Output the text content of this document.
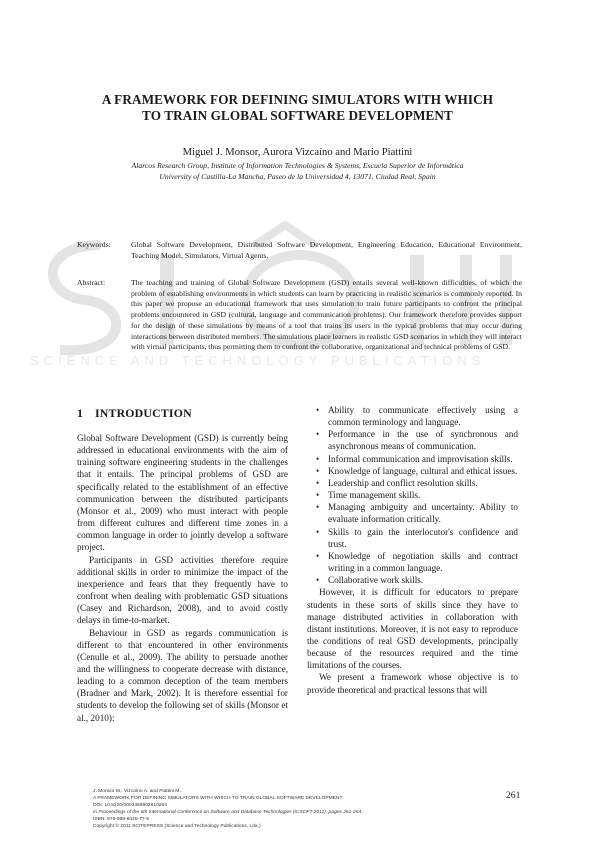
SCIENCE AND TECHNOLOGY PUBLICATIONS
A FRAMEWORK FOR DEFINING SIMULATORS WITH WHICH
TO TRAIN GLOBAL SOFTWARE DEVELOPMENT
Miguel J. Monsor, Aurora Vizcaíno and Mario Piattini
Alarcos Research Group, Institute of Information Technologies & Systems, Escuela Superior de Informática
University of Castilla-La Mancha, Paseo de la Universidad 4, 13071, Ciudad Real, Spain
Keywords:	Global Software Development, Distributed Software Development, Engineering Education, Educational Environment, Teaching Model, Simulators, Virtual Agents.
Abstract:	The teaching and training of Global Software Development (GSD) entails several well-known difficulties, of which the problem of establishing environments in which students can learn by practicing in realistic scenarios is commonly reported. In this paper we propose an educational framework that uses simulation to train future participants to confront the principal problems encountered in GSD (cultural, language and communication problems). Our framework therefore provides support for the design of these simulations by means of a tool that trains its users in the typical problems that may occur during interactions between distributed members. The simulations place learners in realistic GSD scenarios in which they will interact with virtual participants, thus permitting them to confront the collaborative, organizational and technical problems of GSD.
1 INTRODUCTION

Global Software Development (GSD) is currently being addressed in educational environments with the aim of training software engineering students in the challenges that it entails. The principal problems of GSD are specifically related to the establishment of an effective communication between the distributed participants (Monsor et al., 2009) who must interact with people from different cultures and different time zones in a common language in order to jointly develop a software project.

Participants in GSD activities therefore require additional skills in order to minimize the impact of the inexperience and fears that they frequently have to confront when dealing with problematic GSD situations (Casey and Richardson, 2008), and to avoid costly delays in time-to-market.

Behaviour in GSD as regards communication is different to that encountered in other environments (Cenulle et al., 2009). The ability to persuade another and the willingness to cooperate decrease with distance, leading to a common deception of the team members (Bradner and Mark, 2002). It is therefore essential for students to develop the following set of skills (Monsor et al., 2010):

• Ability to communicate effectively using a common terminology and language.
• Performance in the use of synchronous and asynchronous means of communication.
• Informal communication and improvisation skills.
• Knowledge of language, cultural and ethical issues.
• Leadership and conflict resolution skills.
• Time management skills.
• Managing ambiguity and uncertainty. Ability to evaluate information critically.
• Skills to gain the interlocutor's confidence and trust.
• Knowledge of negotiation skills and contract writing in a common language.
• Collaborative work skills.

However, it is difficult for educators to prepare students in these sorts of skills since they have to manage distributed activities in collaboration with distant institutions. Moreover, it is not easy to reproduce the conditions of real GSD developments, principally because of the resources required and the time limitations of the courses.

We present a framework whose objective is to provide theoretical and practical lessons that will

J. Monsor M., Vizcaíno A. and Piattini M..
A FRAMEWORK FOR DEFINING SIMULATORS WITH WHICH TO TRAIN GLOBAL SOFTWARE DEVELOPMENT.
DOI: 10.5220/0003459902610264
In Proceedings of the 6th International Conference on Software and Database Technologies (ICSOFT-2011), pages 261-264
ISBN: 978-989-8425-77-5
Copyright © 2011 SCITEPRESS (Science and Technology Publications, Lda.)
261
